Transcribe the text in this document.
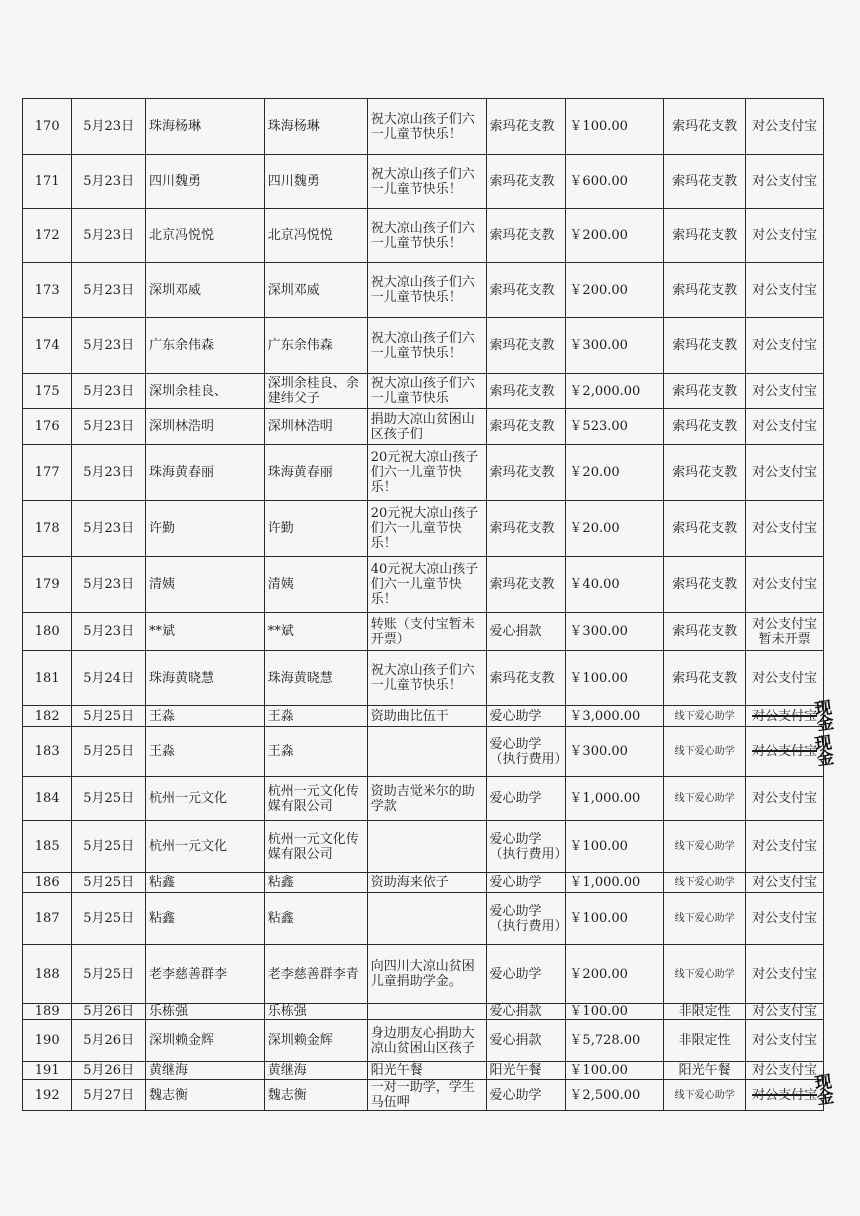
170	5月23日	珠海杨琳	珠海杨琳	祝大凉山孩子们六一儿童节快乐！	索玛花支教	￥100.00	索玛花支教	对公支付宝
171	5月23日	四川魏勇	四川魏勇	祝大凉山孩子们六一儿童节快乐！	索玛花支教	￥600.00	索玛花支教	对公支付宝
172	5月23日	北京冯悦悦	北京冯悦悦	祝大凉山孩子们六一儿童节快乐！	索玛花支教	￥200.00	索玛花支教	对公支付宝
173	5月23日	深圳邓威	深圳邓威	祝大凉山孩子们六一儿童节快乐！	索玛花支教	￥200.00	索玛花支教	对公支付宝
174	5月23日	广东余伟森	广东余伟森	祝大凉山孩子们六一儿童节快乐！	索玛花支教	￥300.00	索玛花支教	对公支付宝
175	5月23日	深圳余桂良、	深圳余桂良、余建纬父子	祝大凉山孩子们六一儿童节快乐	索玛花支教	￥2,000.00	索玛花支教	对公支付宝
176	5月23日	深圳林浩明	深圳林浩明	捐助大凉山贫困山区孩子们	索玛花支教	￥523.00	索玛花支教	对公支付宝
177	5月23日	珠海黄春丽	珠海黄春丽	20元祝大凉山孩子们六一儿童节快乐！	索玛花支教	￥20.00	索玛花支教	对公支付宝
178	5月23日	许勤	许勤	20元祝大凉山孩子们六一儿童节快乐！	索玛花支教	￥20.00	索玛花支教	对公支付宝
179	5月23日	清姨	清姨	40元祝大凉山孩子们六一儿童节快乐！	索玛花支教	￥40.00	索玛花支教	对公支付宝
180	5月23日	**斌	**斌	转账（支付宝暂未开票）	爱心捐款	￥300.00	索玛花支教	对公支付宝暂未开票
181	5月24日	珠海黄晓慧	珠海黄晓慧	祝大凉山孩子们六一儿童节快乐！	索玛花支教	￥100.00	索玛花支教	对公支付宝
182	5月25日	王淼	王淼	资助曲比伍干	爱心助学	￥3,000.00	线下爱心助学	对公支付宝
现金

183	5月25日	王淼	王淼		爱心助学（执行费用）	￥300.00	线下爱心助学	对公支付宝
现金

184	5月25日	杭州一元文化	杭州一元文化传媒有限公司	资助吉觉米尔的助学款	爱心助学	￥1,000.00	线下爱心助学	对公支付宝
185	5月25日	杭州一元文化	杭州一元文化传媒有限公司		爱心助学（执行费用）	￥100.00	线下爱心助学	对公支付宝
186	5月25日	粘鑫	粘鑫	资助海来依子	爱心助学	￥1,000.00	线下爱心助学	对公支付宝
187	5月25日	粘鑫	粘鑫		爱心助学（执行费用）	￥100.00	线下爱心助学	对公支付宝
188	5月25日	老李慈善群李	老李慈善群李青	向四川大凉山贫困儿童捐助学金。	爱心助学	￥200.00	线下爱心助学	对公支付宝
189	5月26日	乐栋强	乐栋强		爱心捐款	￥100.00	非限定性	对公支付宝
190	5月26日	深圳赖金辉	深圳赖金辉	身边朋友心捐助大凉山贫困山区孩子	爱心捐款	￥5,728.00	非限定性	对公支付宝
191	5月26日	黄继海	黄继海	阳光午餐	阳光午餐	￥100.00	阳光午餐	对公支付宝
192	5月27日	魏志衡	魏志衡	一对一助学，学生马伍呷	爱心助学	￥2,500.00	线下爱心助学	对公支付宝
现金
